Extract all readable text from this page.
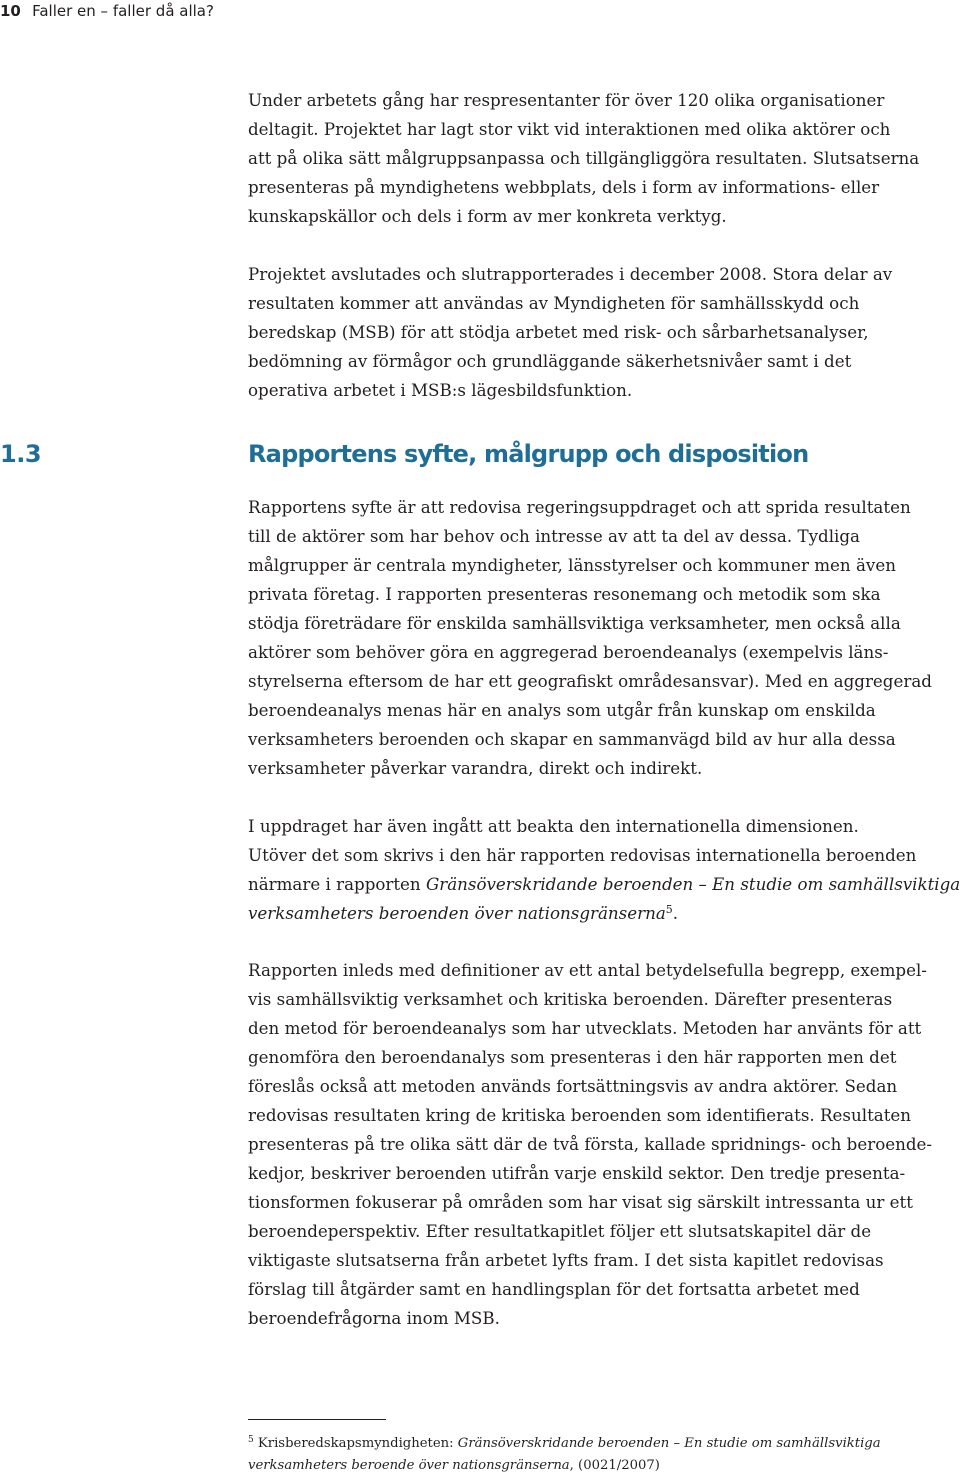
10 Faller en – faller då alla?

Under arbetets gång har respresentanter för över 120 olika organisationer
deltagit. Projektet har lagt stor vikt vid interaktionen med olika aktörer och
att på olika sätt målgruppsanpassa och tillgängliggöra resultaten. Slutsatserna
presenteras på myndighetens webbplats, dels i form av informations- eller
kunskapskällor och dels i form av mer konkreta verktyg.

Projektet avslutades och slutrapporterades i december 2008. Stora delar av
resultaten kommer att användas av Myndigheten för samhällsskydd och
beredskap (MSB) för att stödja arbetet med risk- och sårbarhetsanalyser,
bedömning av förmågor och grundläggande säkerhetsnivåer samt i det
operativa arbetet i MSB:s lägesbildsfunktion.

1.3	Rapportens syfte, målgrupp och disposition

Rapportens syfte är att redovisa regeringsuppdraget och att sprida resultaten
till de aktörer som har behov och intresse av att ta del av dessa. Tydliga
målgrupper är centrala myndigheter, länsstyrelser och kommuner men även
privata företag. I rapporten presenteras resonemang och metodik som ska
stödja företrädare för enskilda samhällsviktiga verksamheter, men också alla
aktörer som behöver göra en aggregerad beroendeanalys (exempelvis läns-
styrelserna eftersom de har ett geografiskt områdesansvar). Med en aggregerad
beroendeanalys menas här en analys som utgår från kunskap om enskilda
verksamheters beroenden och skapar en sammanvägd bild av hur alla dessa
verksamheter påverkar varandra, direkt och indirekt.

I uppdraget har även ingått att beakta den internationella dimensionen.
Utöver det som skrivs i den här rapporten redovisas internationella beroenden
närmare i rapporten Gränsöverskridande beroenden – En studie om samhällsviktiga
verksamheters beroenden över nationsgränserna$^5$.

Rapporten inleds med definitioner av ett antal betydelsefulla begrepp, exempel-
vis samhällsviktig verksamhet och kritiska beroenden. Därefter presenteras
den metod för beroendeanalys som har utvecklats. Metoden har använts för att
genomföra den beroendanalys som presenteras i den här rapporten men det
föreslås också att metoden används fortsättningsvis av andra aktörer. Sedan
redovisas resultaten kring de kritiska beroenden som identifierats. Resultaten
presenteras på tre olika sätt där de två första, kallade spridnings- och beroende-
kedjor, beskriver beroenden utifrån varje enskild sektor. Den tredje presenta-
tionsformen fokuserar på områden som har visat sig särskilt intressanta ur ett
beroendeperspektiv. Efter resultatkapitlet följer ett slutsatskapitel där de
viktigaste slutsatserna från arbetet lyfts fram. I det sista kapitlet redovisas
förslag till åtgärder samt en handlingsplan för det fortsatta arbetet med
beroendefrågorna inom MSB.

$^5$ Krisberedskapsmyndigheten: Gränsöverskridande beroenden – En studie om samhällsviktiga
verksamheters beroende över nationsgränserna, (0021/2007)
